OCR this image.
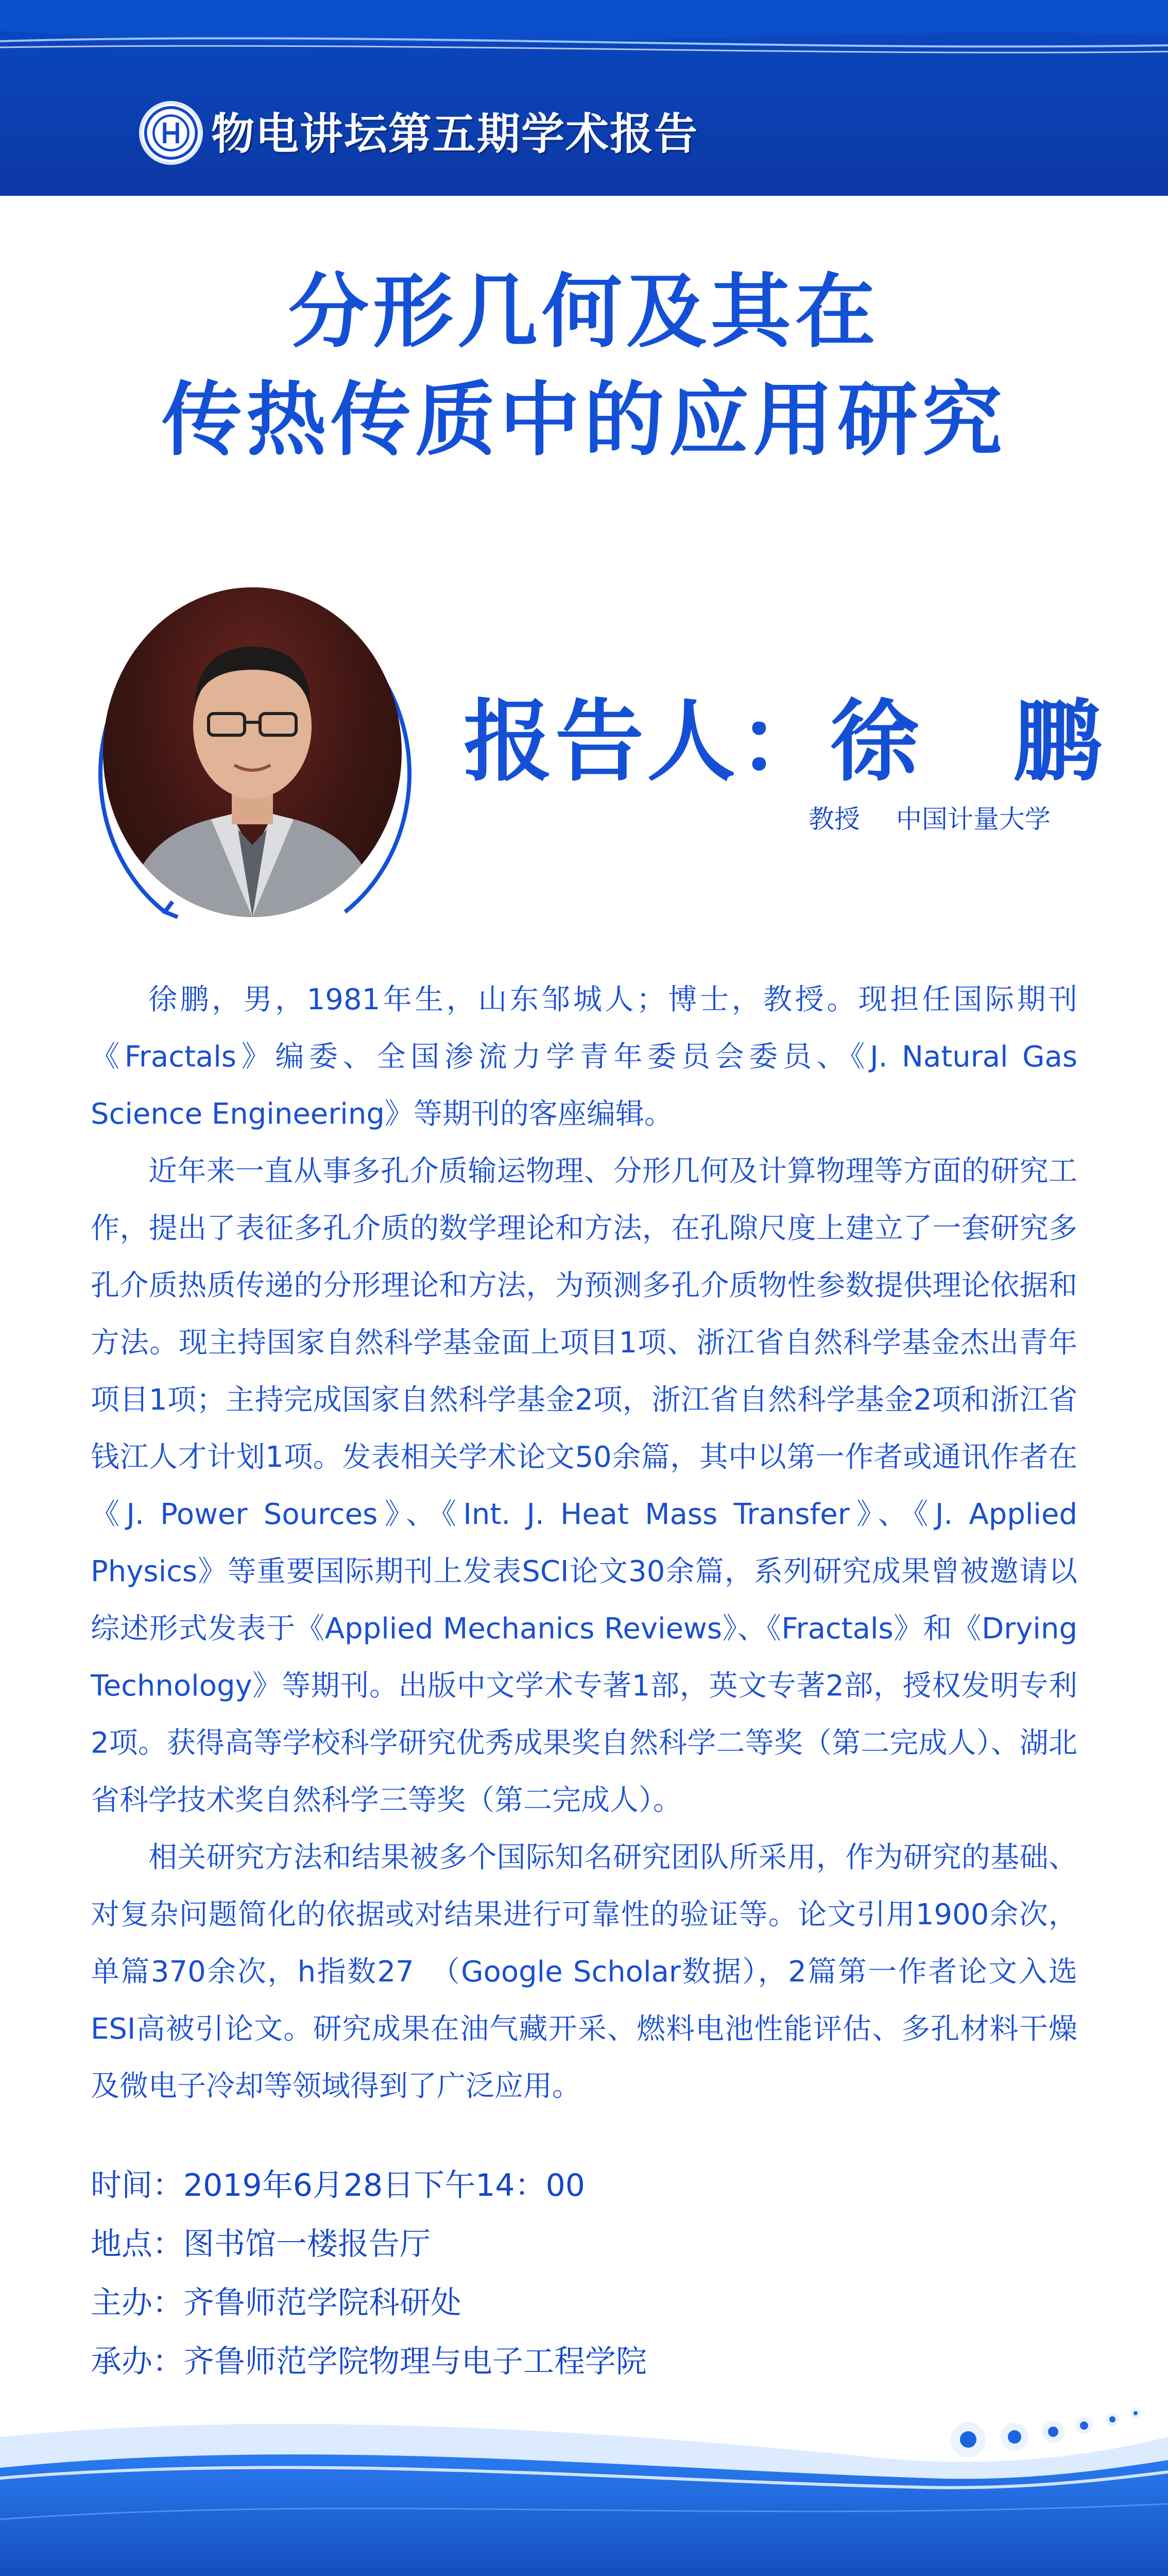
物电讲坛第五期学术报告
分形几何及其在
传热传质中的应用研究
报告人：徐　鹏
教授 中国计量大学

徐鹏，男，1981年生，山东邹城人；博士，教授。现担任国际期刊《Fractals》编委、全国渗流力学青年委员会委员、《J. Natural Gas Science Engineering》等期刊的客座编辑。

近年来一直从事多孔介质输运物理、分形几何及计算物理等方面的研究工作，提出了表征多孔介质的数学理论和方法，在孔隙尺度上建立了一套研究多孔介质热质传递的分形理论和方法，为预测多孔介质物性参数提供理论依据和方法。现主持国家自然科学基金面上项目1项、浙江省自然科学基金杰出青年项目1项；主持完成国家自然科学基金2项，浙江省自然科学基金2项和浙江省钱江人才计划1项。发表相关学术论文50余篇，其中以第一作者或通讯作者在《J. Power Sources》、《Int. J. Heat Mass Transfer》、《J. Applied Physics》等重要国际期刊上发表SCI论文30余篇，系列研究成果曾被邀请以综述形式发表于《Applied Mechanics Reviews》、《Fractals》和《Drying Technology》等期刊。出版中文学术专著1部，英文专著2部，授权发明专利2项。获得高等学校科学研究优秀成果奖自然科学二等奖（第二完成人）、湖北省科学技术奖自然科学三等奖（第二完成人）。

相关研究方法和结果被多个国际知名研究团队所采用，作为研究的基础、对复杂问题简化的依据或对结果进行可靠性的验证等。论文引用1900余次，单篇370余次，h指数27　（Google Scholar数据），2篇第一作者论文入选ESI高被引论文。研究成果在油气藏开采、燃料电池性能评估、多孔材料干燥及微电子冷却等领域得到了广泛应用。

时间：2019年6月28日下午14：00
地点：图书馆一楼报告厅
主办：齐鲁师范学院科研处
承办：齐鲁师范学院物理与电子工程学院
